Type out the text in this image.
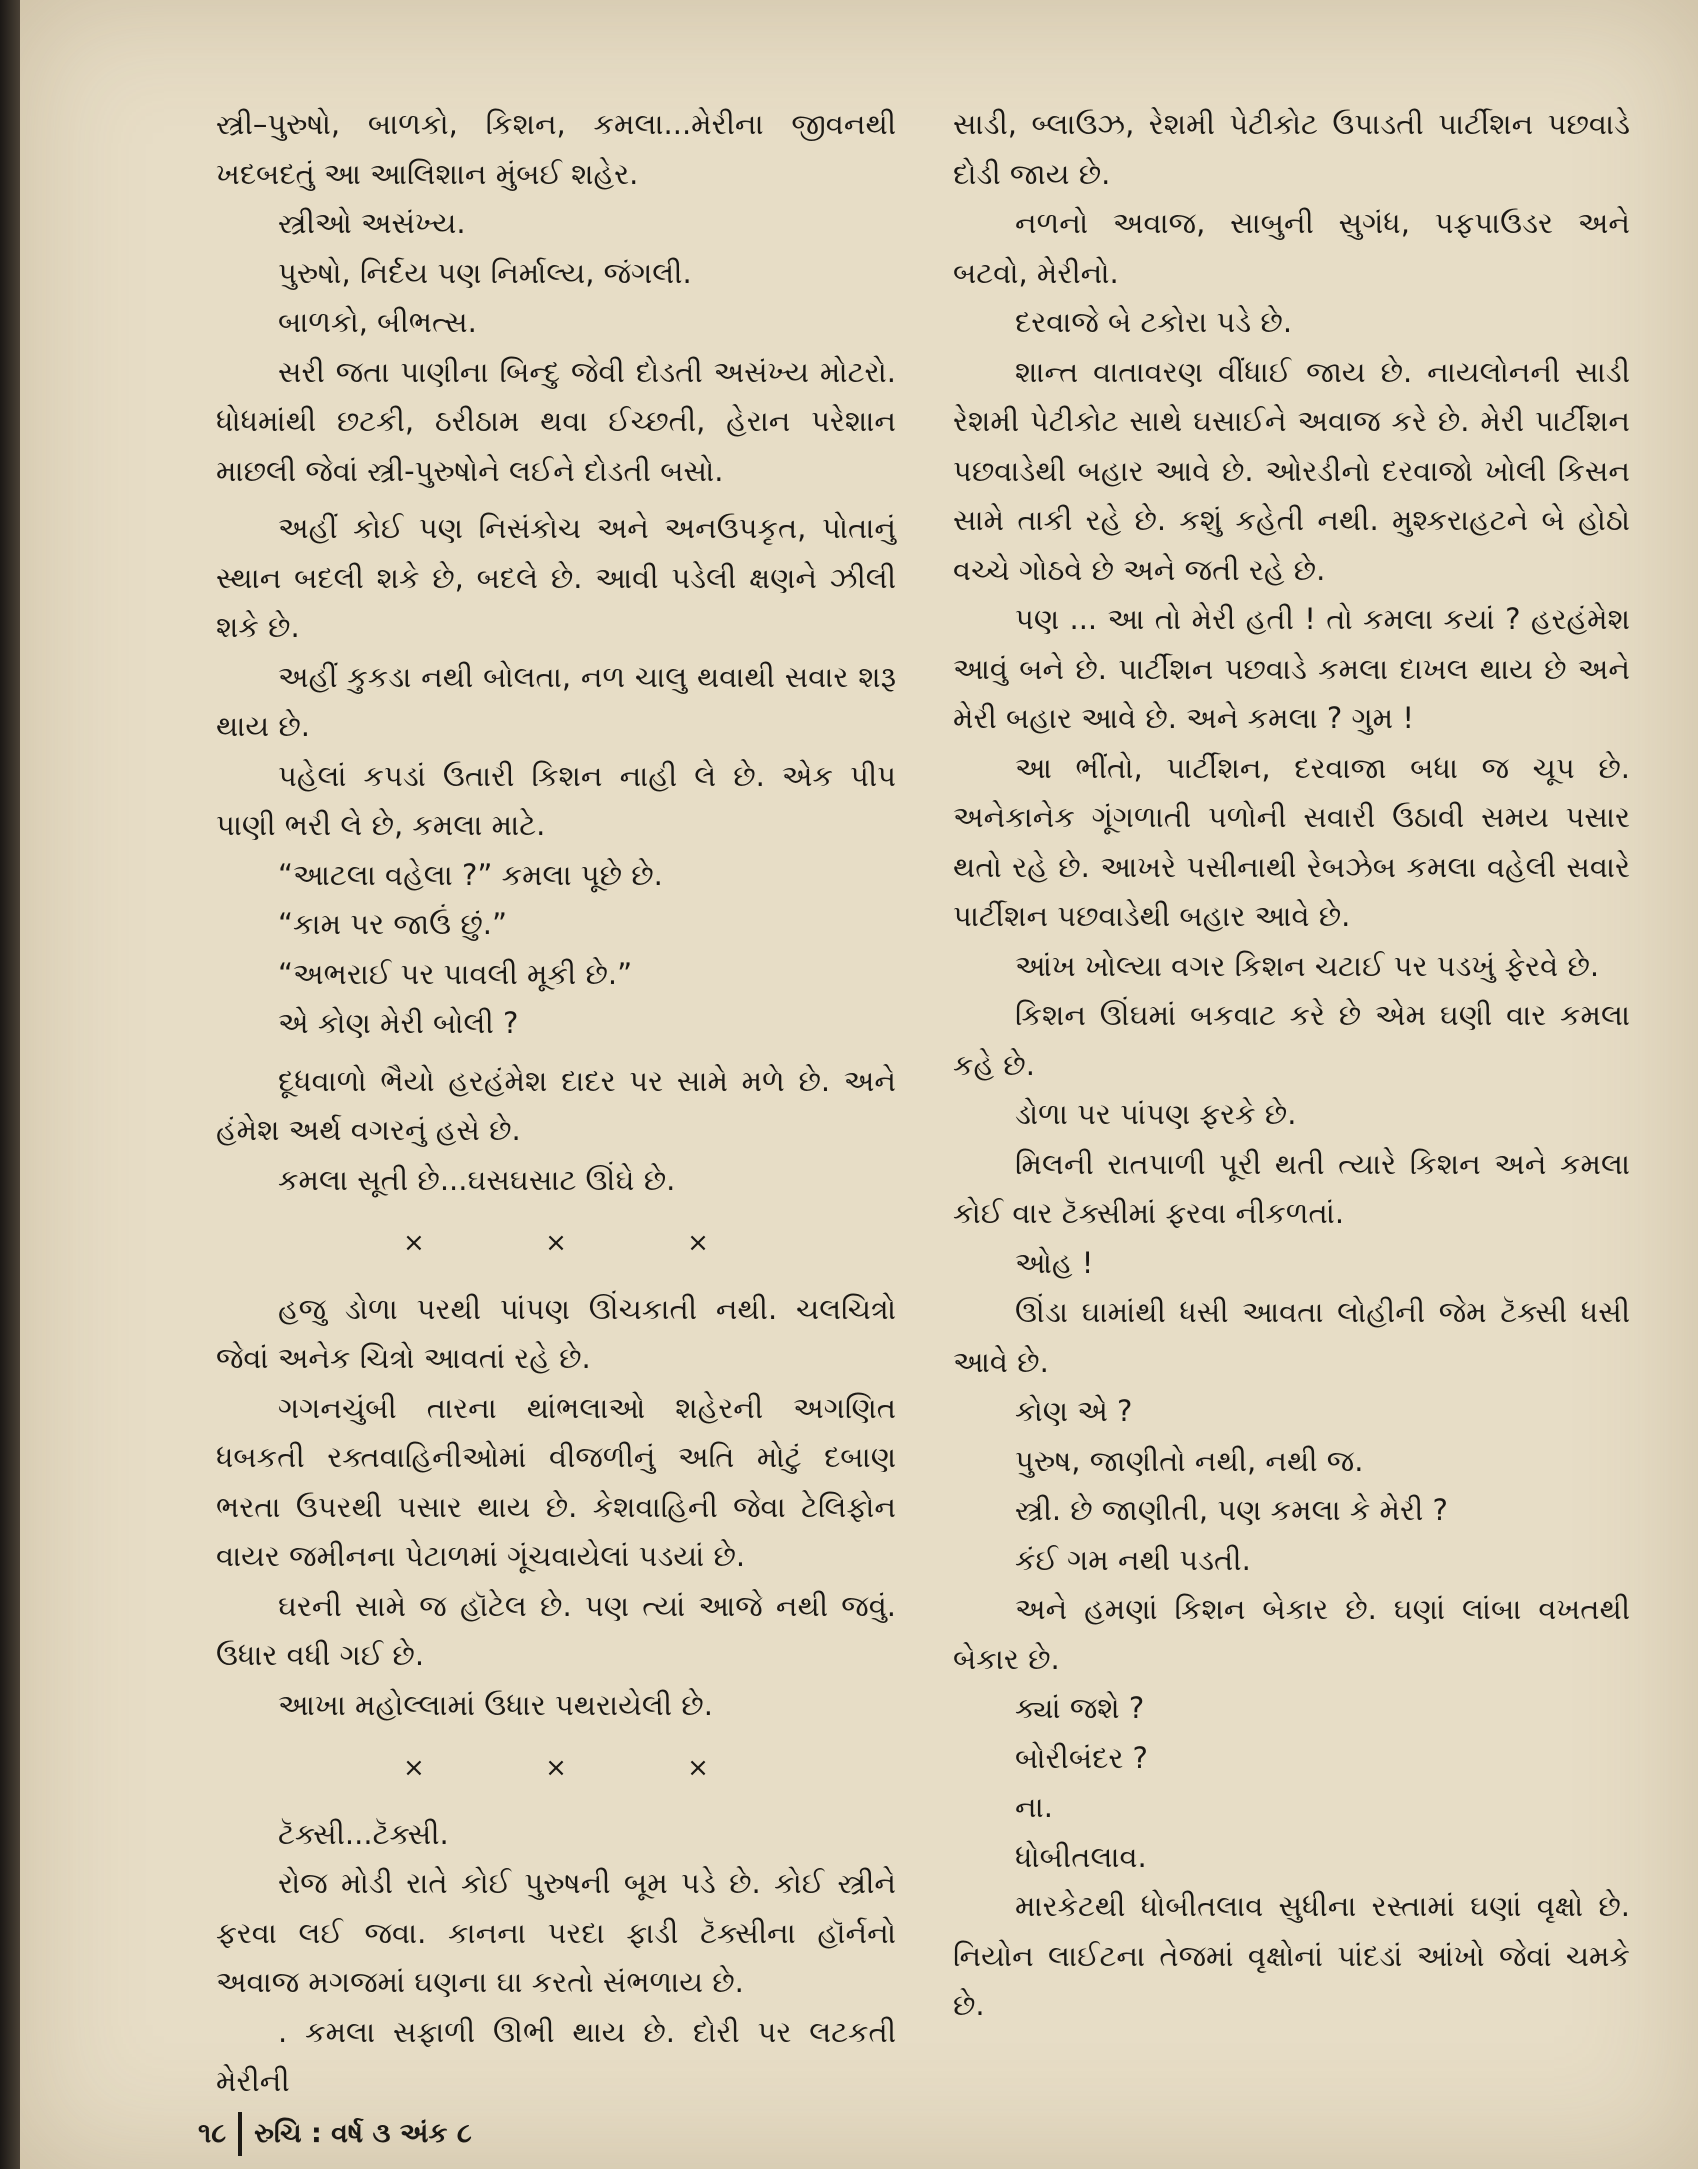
સ્ત્રી–પુરુષો, બાળકો, કિશન, કમલા...મેરીના જીવનથી ખદબદતું આ આલિશાન મુંબઈ શહેર.

સ્ત્રીઓ અસંખ્ય.

પુરુષો, નિર્દય પણ નિર્માલ્ય, જંગલી.

બાળકો, બીભત્સ.

સરી જતા પાણીના બિન્દુ જેવી દોડતી અસંખ્ય મોટરો. ધોધમાંથી છટકી, ઠરીઠામ થવા ઈચ્છતી, હેરાન પરેશાન માછલી જેવાં સ્ત્રી-પુરુષોને લઈને દોડતી બસો.

અહીં કોઈ પણ નિસંકોચ અને અનઉપકૃત, પોતાનું સ્થાન બદલી શકે છે, બદલે છે. આવી પડેલી ક્ષણને ઝીલી શકે છે.

અહીં કુકડા નથી બોલતા, નળ ચાલુ થવાથી સવાર શરૂ થાય છે.

પહેલાં કપડાં ઉતારી કિશન નાહી લે છે. એક પીપ પાણી ભરી લે છે, કમલા માટે.

“આટલા વહેલા ?” કમલા પૂછે છે.

“કામ પર જાઉં છું.”

“અભરાઈ પર પાવલી મૂકી છે.”

એ કોણ મેરી બોલી ?

દૂધવાળો ભૈયો હરહંમેશ દાદર પર સામે મળે છે. અને હંમેશ અર્થ વગરનું હસે છે.

કમલા સૂતી છે...ઘસઘસાટ ઊંઘે છે.

× × ×

હજુ ડોળા પરથી પાંપણ ઊંચકાતી નથી. ચલચિત્રો જેવાં અનેક ચિત્રો આવતાં રહે છે.

ગગનચુંબી તારના થાંભલાઓ શહેરની અગણિત ધબકતી રક્તવાહિનીઓમાં વીજળીનું અતિ મોટું દબાણ ભરતા ઉપરથી પસાર થાય છે. કેશવાહિની જેવા ટેલિફોન વાયર જમીનના પેટાળમાં ગૂંચવાયેલાં પડયાં છે.

ઘરની સામે જ હૉટેલ છે. પણ ત્યાં આજે નથી જવું. ઉધાર વધી ગઈ છે.

આખા મહોલ્લામાં ઉધાર પથરાયેલી છે.

× × ×

ટૅક્સી...ટૅક્સી.

રોજ મોડી રાતે કોઈ પુરુષની બૂમ પડે છે. કોઈ સ્ત્રીને ફરવા લઈ જવા. કાનના પરદા ફાડી ટૅક્સીના હૉર્નનો અવાજ મગજમાં ઘણના ઘા કરતો સંભળાય છે.

. કમલા સફાળી ઊભી થાય છે. દોરી પર લટકતી મેરીની

સાડી, બ્લાઉઝ, રેશમી પેટીકોટ ઉપાડતી પાર્ટીશન પછવાડે દોડી જાય છે.

નળનો અવાજ, સાબુની સુગંધ, પફપાઉડર અને બટવો, મેરીનો.

દરવાજે બે ટકોરા પડે છે.

શાન્ત વાતાવરણ વીંધાઈ જાય છે. નાયલોનની સાડી રેશમી પેટીકોટ સાથે ઘસાઈને અવાજ કરે છે. મેરી પાર્ટીશન પછવાડેથી બહાર આવે છે. ઓરડીનો દરવાજો ખોલી કિસન સામે તાકી રહે છે. કશું કહેતી નથી. મુશ્કરાહટને બે હોઠો વચ્ચે ગોઠવે છે અને જતી રહે છે.

પણ ... આ તો મેરી હતી ! તો કમલા કયાં ? હરહંમેશ આવું બને છે. પાર્ટીશન પછવાડે કમલા દાખલ થાય છે અને મેરી બહાર આવે છે. અને કમલા ? ગુમ !

આ ભીંતો, પાર્ટીશન, દરવાજા બધા જ ચૂપ છે. અનેકાનેક ગૂંગળાતી પળોની સવારી ઉઠાવી સમય પસાર થતો રહે છે. આખરે પસીનાથી રેબઝેબ કમલા વહેલી સવારે પાર્ટીશન પછવાડેથી બહાર આવે છે.

આંખ ખોલ્યા વગર કિશન ચટાઈ પર પડખું ફેરવે છે.

કિશન ઊંઘમાં બકવાટ કરે છે એમ ઘણી વાર કમલા કહે છે.

ડોળા પર પાંપણ ફરકે છે.

મિલની રાતપાળી પૂરી થતી ત્યારે કિશન અને કમલા કોઈ વાર ટૅક્સીમાં ફરવા નીકળતાં.

ઓહ !

ઊંડા ઘામાંથી ધસી આવતા લોહીની જેમ ટૅક્સી ધસી આવે છે.

કોણ એ ?

પુરુષ, જાણીતો નથી, નથી જ.

સ્ત્રી. છે જાણીતી, પણ કમલા કે મેરી ?

કંઈ ગમ નથી પડતી.

અને હમણાં કિશન બેકાર છે. ઘણાં લાંબા વખતથી બેકાર છે.

ક્યાં જશે ?

બોરીબંદર ?

ના.

ધોબીતલાવ.

મારકેટથી ધોબીતલાવ સુધીના રસ્તામાં ઘણાં વૃક્ષો છે. નિયોન લાઈટના તેજમાં વૃક્ષોનાં પાંદડાં આંખો જેવાં ચમકે છે.

૧૮ રુચિ : વર્ષ ૩ અંક ૮
